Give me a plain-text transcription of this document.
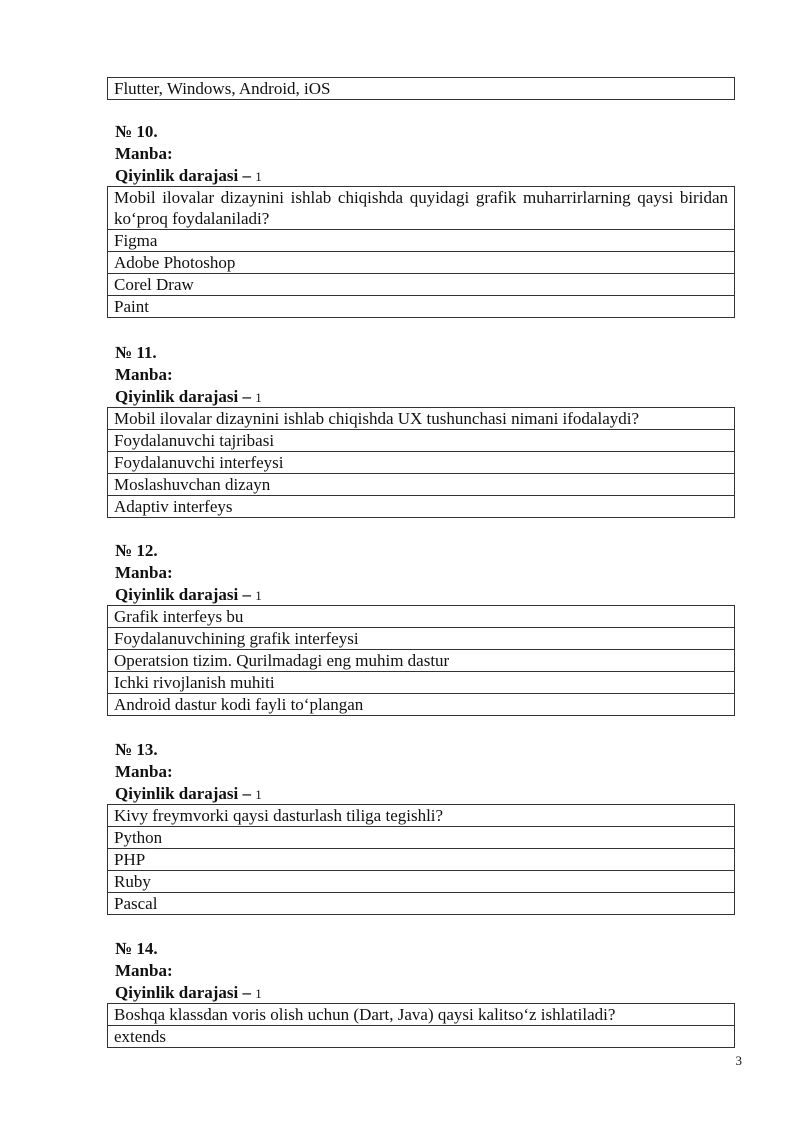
Flutter, Windows, Android, iOS
№ 10.
Manba:
Qiyinlik darajasi – 1
Mobil ilovalar dizaynini ishlab chiqishda quyidagi grafik muharrirlarning qaysi biridan ko‘proq foydalaniladi?
Figma
Adobe Photoshop
Corel Draw
Paint
№ 11.
Manba:
Qiyinlik darajasi – 1
Mobil ilovalar dizaynini ishlab chiqishda UX tushunchasi nimani ifodalaydi?
Foydalanuvchi tajribasi
Foydalanuvchi interfeysi
Moslashuvchan dizayn
Adaptiv interfeys
№ 12.
Manba:
Qiyinlik darajasi – 1
Grafik interfeys bu
Foydalanuvchining grafik interfeysi
Operatsion tizim. Qurilmadagi eng muhim dastur
Ichki rivojlanish muhiti
Android dastur kodi fayli to‘plangan
№ 13.
Manba:
Qiyinlik darajasi – 1
Kivy freymvorki qaysi dasturlash tiliga tegishli?
Python
PHP
Ruby
Pascal
№ 14.
Manba:
Qiyinlik darajasi – 1
Boshqa klassdan voris olish uchun (Dart, Java) qaysi kalitso‘z ishlatiladi?
extends
3
